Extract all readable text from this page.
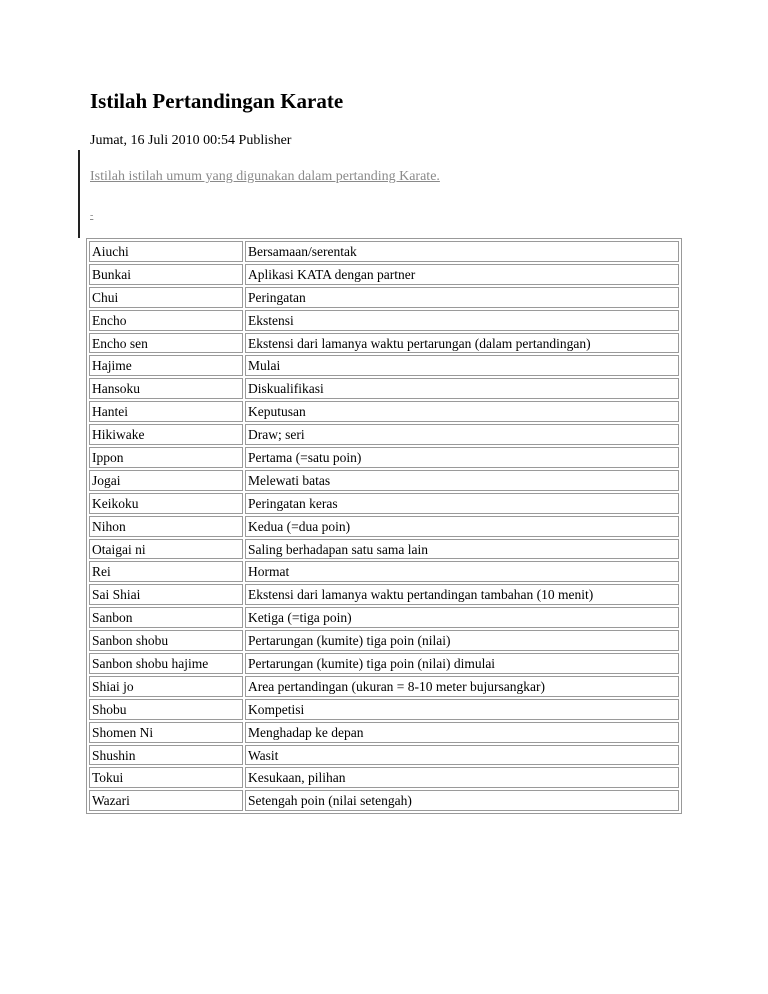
Istilah Pertandingan Karate
Jumat, 16 Juli 2010 00:54 Publisher
Istilah istilah umum yang digunakan dalam pertanding Karate.
-
Aiuchi	Bersamaan/serentak
Bunkai	Aplikasi KATA dengan partner
Chui	Peringatan
Encho	Ekstensi
Encho sen	Ekstensi dari lamanya waktu pertarungan (dalam pertandingan)
Hajime	Mulai
Hansoku	Diskualifikasi
Hantei	Keputusan
Hikiwake	Draw; seri
Ippon	Pertama (=satu poin)
Jogai	Melewati batas
Keikoku	Peringatan keras
Nihon	Kedua (=dua poin)
Otaigai ni	Saling berhadapan satu sama lain
Rei	Hormat
Sai Shiai	Ekstensi dari lamanya waktu pertandingan tambahan (10 menit)
Sanbon	Ketiga (=tiga poin)
Sanbon shobu	Pertarungan (kumite) tiga poin (nilai)
Sanbon shobu hajime	Pertarungan (kumite) tiga poin (nilai) dimulai
Shiai jo	Area pertandingan (ukuran = 8-10 meter bujursangkar)
Shobu	Kompetisi
Shomen Ni	Menghadap ke depan
Shushin	Wasit
Tokui	Kesukaan, pilihan
Wazari	Setengah poin (nilai setengah)
